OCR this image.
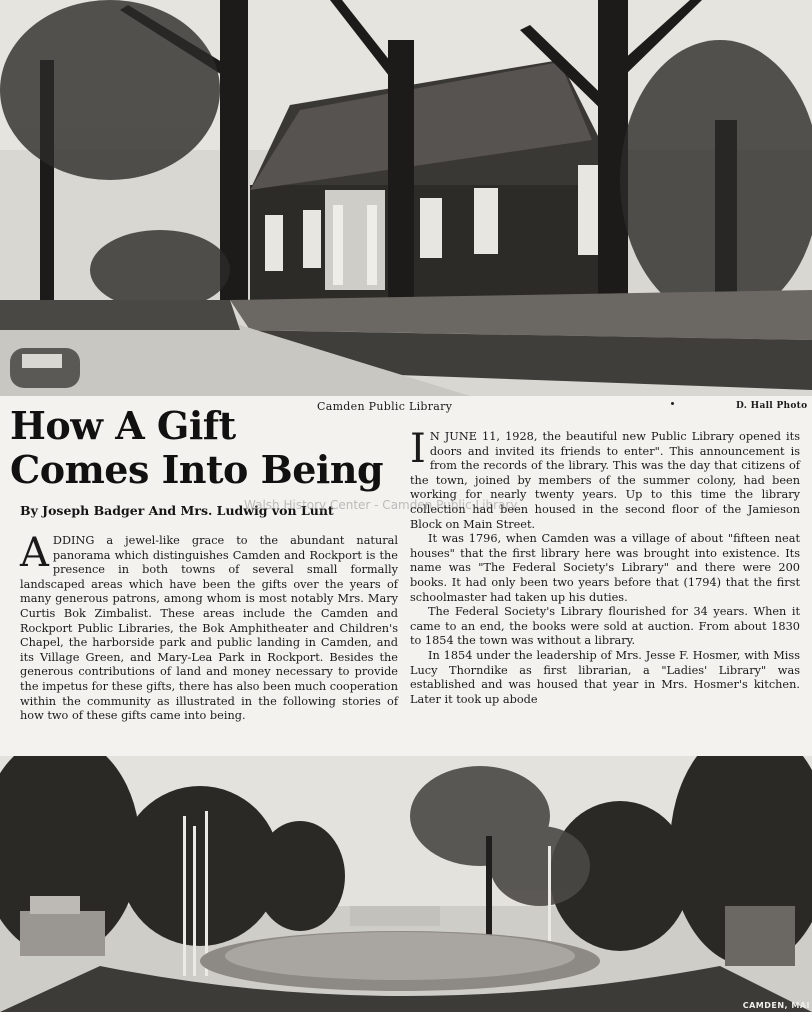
Camden Public Library	D. Hall Photo
How A Gift
Comes Into Being

By Joseph Badger And Mrs. Ludwig von Lunt

Walsh History Center - Camden Public Library

ADDING a jewel-like grace to the abundant natural panorama which distinguishes Camden and Rockport is the presence in both towns of several small formally landscaped areas which have been the gifts over the years of many generous patrons, among whom is most notably Mrs. Mary Curtis Bok Zimbalist. These areas include the Camden and Rockport Public Libraries, the Bok Amphitheater and Children's Chapel, the harborside park and public landing in Camden, and its Village Green, and Mary-Lea Park in Rockport. Besides the generous contributions of land and money necessary to provide the impetus for these gifts, there has also been much cooperation within the community as illustrated in the following stories of how two of these gifts came into being.

I N JUNE 11, 1928, the beautiful new Public Library opened its doors and invited its friends to enter". This announcement is from the records of the library. This was the day that citizens of the town, joined by members of the summer colony, had been working for nearly twenty years. Up to this time the library collection had been housed in the second floor of the Jamieson Block on Main Street.

It was 1796, when Camden was a village of about "fifteen neat houses" that the first library here was brought into existence. Its name was "The Federal Society's Library" and there were 200 books. It had only been two years before that (1794) that the first schoolmaster had taken up his duties.

The Federal Society's Library flourished for 34 years. When it came to an end, the books were sold at auction. From about 1830 to 1854 the town was without a library.

In 1854 under the leadership of Mrs. Jesse F. Hosmer, with Miss Lucy Thorndike as first librarian, a "Ladies' Library" was established and was housed that year in Mrs. Hosmer's kitchen. Later it took up abode

CAMDEN, MAI
